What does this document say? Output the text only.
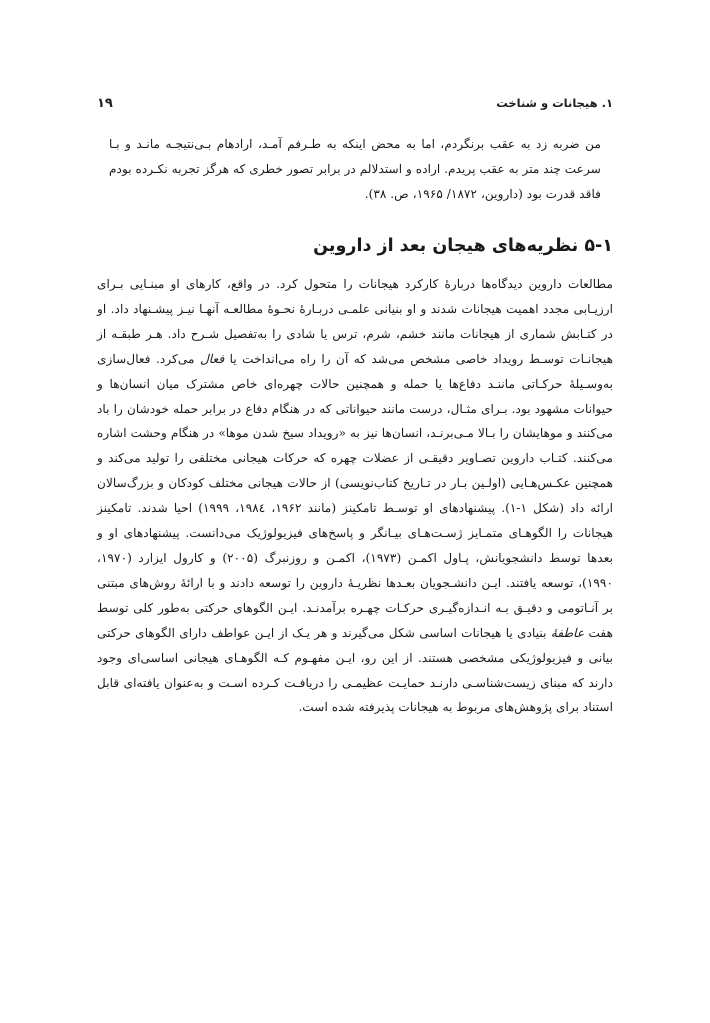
۱. هیجانات و شناخت
۱۹

من ضربه زد به عقب برنگردم، اما به محض اینکه به طـرفم آمـد، ارادهام بـی‌نتیجـه مانـد و بـا سرعت چند متر به عقب پریدم. اراده و استدلالم در برابر تصور خطری که هرگز تجربه نکـرده بودم فاقد قدرت بود (داروین، ۱۸۷۲/ ۱۹۶۵، ص. ۳۸).

۵-۱ نظریه‌های هیجان بعد از داروین

مطالعات داروین دیدگاه‌ها دربارهٔ کارکرد هیجانات را متحول کرد. در واقع، کارهای او مبنـایی بـرای ارزیـابی مجدد اهمیت هیجانات شدند و او بنیانی علمـی دربـارهٔ نحـوهٔ مطالعـه آنهـا نیـز پیشـنهاد داد. او در کتـابش شماری از هیجانات مانند خشم، شرم، ترس یا شادی را به‌تفصیل شـرح داد. هـر طبقـه از هیجانـات توسـط رویداد خاصی مشخص می‌شد که آن را راه می‌انداخت یا فعال می‌کرد. فعال‌سازی به‌وسـیلهٔ حرکـاتی ماننـد دفاع‌ها یا حمله و همچنین حالات چهره‌ای خاص مشترک میان انسان‌ها و حیوانات مشهود بود. بـرای مثـال، درست مانند حیواناتی که در هنگام دفاع در برابر حمله خودشان را باد می‌کنند و موهایشان را بـالا مـی‌برنـد، انسان‌ها نیز به «رویداد سیخ شدن موها» در هنگام وحشت اشاره می‌کنند. کتـاب داروین تصـاویر دقیقـی از عضلات چهره که حرکات هیجانی مختلفی را تولید می‌کند و همچنین عکـس‌هـایی (اولـین بـار در تـاریخ کتاب‌نویسی) از حالات هیجانی مختلف کودکان و بزرگ‌سالان ارائه داد (شکل ۱-۱). پیشنهادهای او توسـط تامکینز (مانند ۱۹۶۲، ۱۹۸٤، ۱۹۹۹) احیا شدند. تامکینز هیجانات را الگوهـای متمـایز ژسـت‌هـای بیـانگر و پاسخ‌های فیزیولوژیک می‌دانست. پیشنهادهای او و بعدها توسط دانشجویانش، پـاول اکمـن (۱۹۷۳)، اکمـن و روزنبرگ (۲۰۰۵) و کارول ایزارد (۱۹۷۰، ۱۹۹۰)، توسعه یافتند. ایـن دانشـجویان بعـدها نظریـهٔ داروین را توسعه دادند و با ارائهٔ روش‌های مبتنی بر آنـاتومی و دقیـق بـه انـدازه‌گیـری حرکـات چهـره برآمدنـد. ایـن الگوهای حرکتی به‌طور کلی توسط هفت عاطفهٔ بنیادی یا هیجانات اساسی شکل می‌گیرند و هر یـک از ایـن عواطف دارای الگوهای حرکتی بیانی و فیزیولوژیکی مشخصی هستند. از این رو، ایـن مفهـوم کـه الگوهـای هیجانی اساسی‌ای وجود دارند که مبنای زیست‌شناسـی دارنـد حمایـت عظیمـی را دریافـت کـرده اسـت و به‌عنوان یافته‌ای قابل استناد برای پژوهش‌های مربوط به هیجانات پذیرفته شده است.
